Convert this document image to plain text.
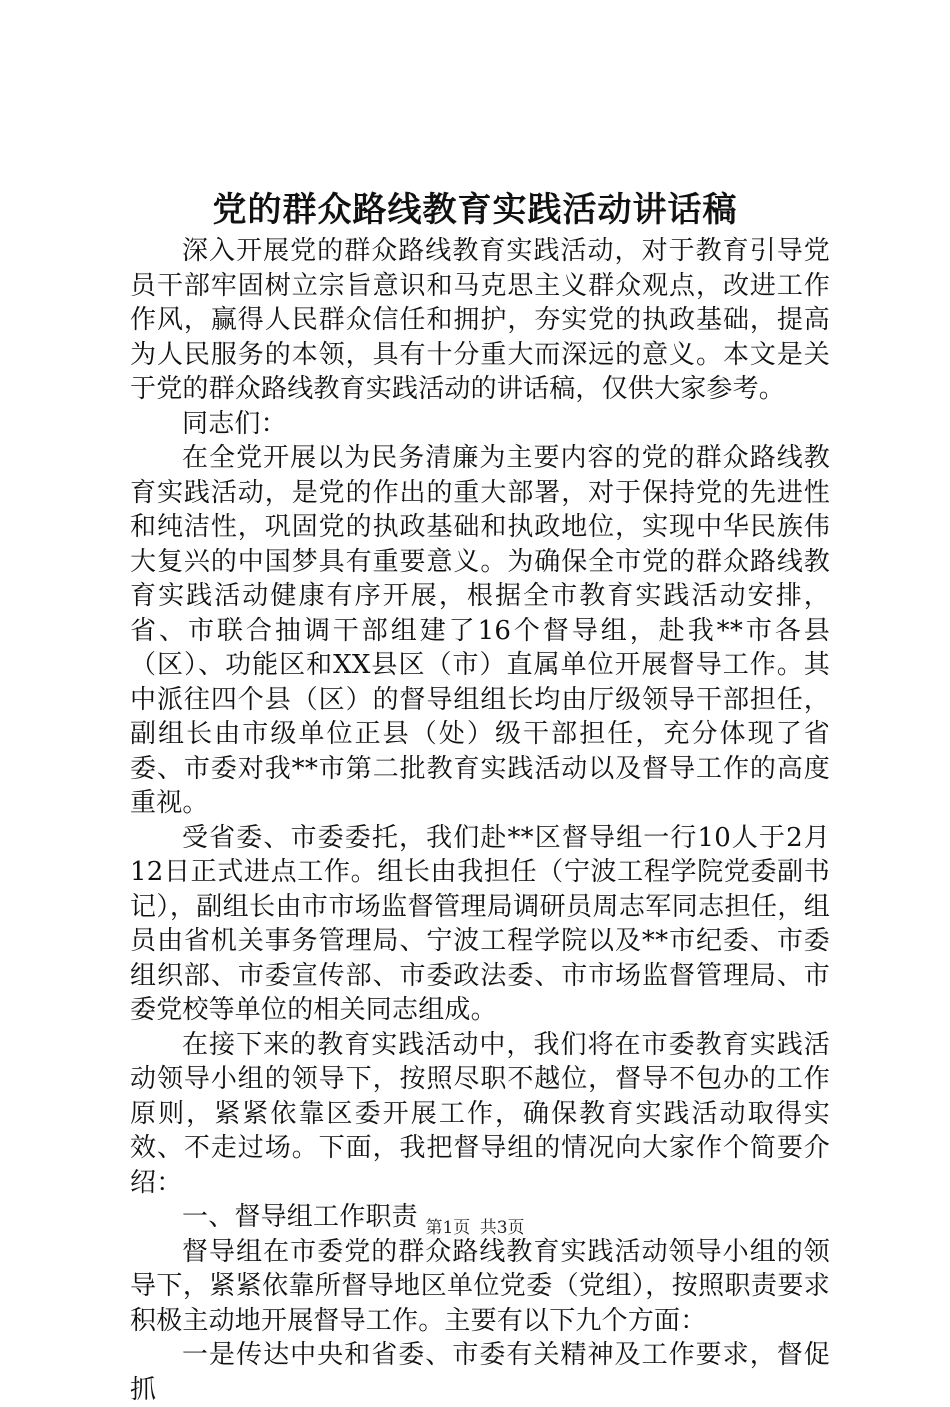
党的群众路线教育实践活动讲话稿

深入开展党的群众路线教育实践活动，对于教育引导党员干部牢固树立宗旨意识和马克思主义群众观点，改进工作作风，赢得人民群众信任和拥护，夯实党的执政基础，提高为人民服务的本领，具有十分重大而深远的意义。本文是关于党的群众路线教育实践活动的讲话稿，仅供大家参考。

同志们：

在全党开展以为民务清廉为主要内容的党的群众路线教育实践活动，是党的作出的重大部署，对于保持党的先进性和纯洁性，巩固党的执政基础和执政地位，实现中华民族伟大复兴的中国梦具有重要意义。为确保全市党的群众路线教育实践活动健康有序开展，根据全市教育实践活动安排，省、市联合抽调干部组建了16个督导组，赴我**市各县（区）、功能区和XX县区（市）直属单位开展督导工作。其中派往四个县（区）的督导组组长均由厅级领导干部担任，副组长由市级单位正县（处）级干部担任，充分体现了省委、市委对我**市第二批教育实践活动以及督导工作的高度重视。

受省委、市委委托，我们赴**区督导组一行10人于2月12日正式进点工作。组长由我担任（宁波工程学院党委副书记），副组长由市市场监督管理局调研员周志军同志担任，组员由省机关事务管理局、宁波工程学院以及**市纪委、市委组织部、市委宣传部、市委政法委、市市场监督管理局、市委党校等单位的相关同志组成。

在接下来的教育实践活动中，我们将在市委教育实践活动领导小组的领导下，按照尽职不越位，督导不包办的工作原则，紧紧依靠区委开展工作，确保教育实践活动取得实效、不走过场。下面，我把督导组的情况向大家作个简要介绍：

一、督导组工作职责

督导组在市委党的群众路线教育实践活动领导小组的领导下，紧紧依靠所督导地区单位党委（党组），按照职责要求积极主动地开展督导工作。主要有以下九个方面：

一是传达中央和省委、市委有关精神及工作要求，督促抓

第1页 共3页
